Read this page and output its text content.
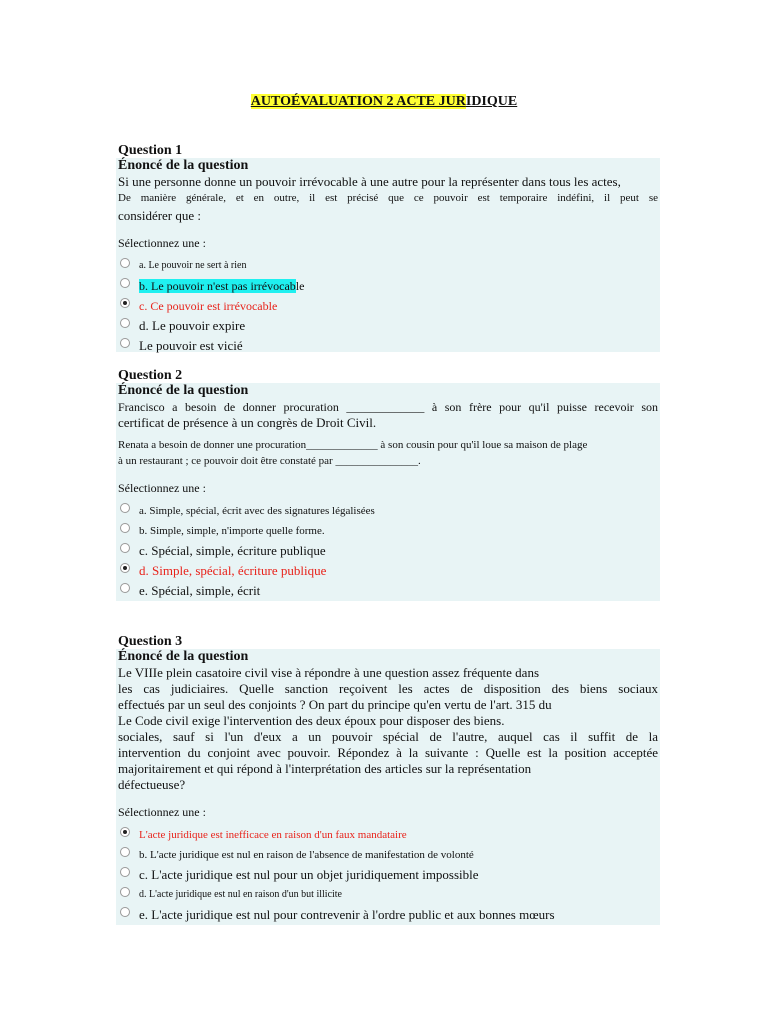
AUTOÉVALUATION 2 ACTE JURIDIQUE
Question 1
Énoncé de la question
Si une personne donne un pouvoir irrévocable à une autre pour la représenter dans tous les actes,
De manière générale, et en outre, il est précisé que ce pouvoir est temporaire indéfini, il peut se
considérer que :
Sélectionnez une :
a. Le pouvoir ne sert à rien
b. Le pouvoir n'est pas irrévocable
c. Ce pouvoir est irrévocable
d. Le pouvoir expire
Le pouvoir est vicié
Question 2
Énoncé de la question
Francisco a besoin de donner procuration _____________ à son frère pour qu'il puisse recevoir son
certificat de présence à un congrès de Droit Civil.
Renata a besoin de donner une procuration_____________ à son cousin pour qu'il loue sa maison de plage
à un restaurant ; ce pouvoir doit être constaté par _______________.
Sélectionnez une :
a. Simple, spécial, écrit avec des signatures légalisées
b. Simple, simple, n'importe quelle forme.
c. Spécial, simple, écriture publique
d. Simple, spécial, écriture publique
e. Spécial, simple, écrit
Question 3
Énoncé de la question
Le VIIIe plein casatoire civil vise à répondre à une question assez fréquente dans
les cas judiciaires. Quelle sanction reçoivent les actes de disposition des biens sociaux
effectués par un seul des conjoints ? On part du principe qu'en vertu de l'art. 315 du
Le Code civil exige l'intervention des deux époux pour disposer des biens.
sociales, sauf si l'un d'eux a un pouvoir spécial de l'autre, auquel cas il suffit de la
intervention du conjoint avec pouvoir. Répondez à la suivante : Quelle est la position acceptée
majoritairement et qui répond à l'interprétation des articles sur la représentation
défectueuse?
Sélectionnez une :
L'acte juridique est inefficace en raison d'un faux mandataire
b. L'acte juridique est nul en raison de l'absence de manifestation de volonté
c. L'acte juridique est nul pour un objet juridiquement impossible
d. L'acte juridique est nul en raison d'un but illicite
e. L'acte juridique est nul pour contrevenir à l'ordre public et aux bonnes mœurs
